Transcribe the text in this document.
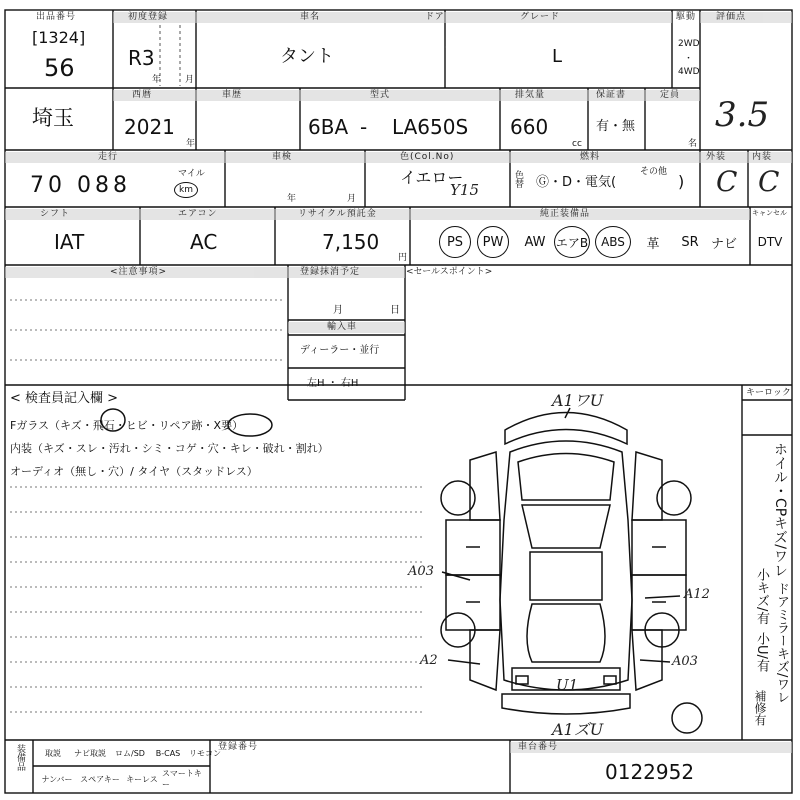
出品番号
[1324]
56
初度登録
R3
年	月
車名
タント
ドア	グレード
L
駆動
2WD
・
4WD
評価点
3.5
埼玉
西暦
2021
年
車歴	型式
6BA - LA650S
排気量
660
cc
保証書
有・無
定員
名
走行
70 088	マイル
km
車検
年	月
色(Col.No)
イエロー
Y15
色替
燃料
その他
Ⓖ・D・電気(	)
外装	内装
C C
シフト
IAT
エアコン
AC
リサイクル預託金
7,150
円
純正装備品	キャンセル
PS	PW	AW エアB	ABS	革	SR ナビ	DTV
<注意事項>	登録抹消予定
月	日
輸入車
ディーラー・並行
左H ・ 右H
<セールスポイント>
< 検査員記入欄 >
Fガラス（キズ・飛石・ヒビ・リペア跡・X要）
内装（キズ・スレ・汚れ・シミ・コゲ・穴・キレ・破れ・割れ）
オーディオ（無し・穴）/ タイヤ（スタッドレス）
キーロック
ホイル・CPキズ/ワレ
小キズ/有 ドアミラーキズ/ワレ
小U/有
補修有
A1ワU
A03
A12
A2	A03
U1
A1ズU
装備品	取説	ナビ取説	ロム/SD	B-CAS	リモコン
ナンバー スペアキー キーレス
スマートキー
登録番号	車台番号
0122952
